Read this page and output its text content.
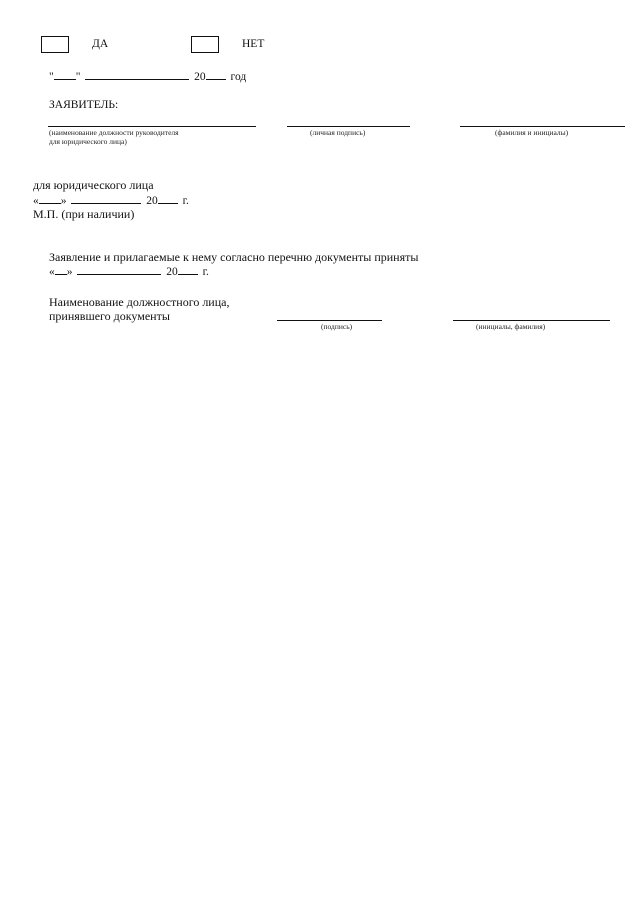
ДА	НЕТ
" "	20 год
ЗАЯВИТЕЛЬ:
(наименование должности руководителя
для юридического лица)
(личная подпись)	(фамилия и инициалы)
для юридического лица
« »	20 г.
М.П. (при наличии)
Заявление и прилагаемые к нему согласно перечню документы приняты
« »	20 г.
Наименование должностного лица,
принявшего документы
(подпись)	(инициалы, фамилия)
